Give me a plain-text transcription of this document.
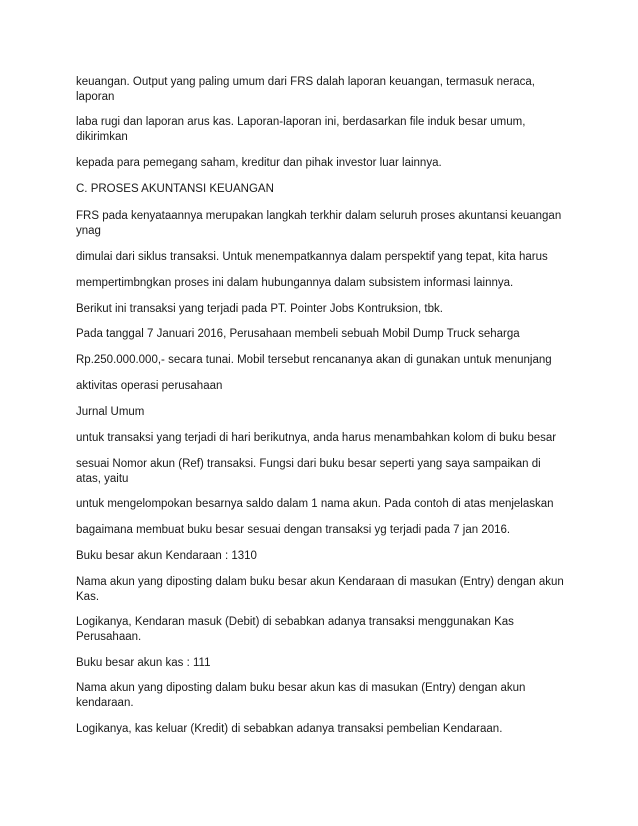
keuangan. Output yang paling umum dari FRS dalah laporan keuangan, termasuk neraca, laporan

laba rugi dan laporan arus kas. Laporan-laporan ini, berdasarkan file induk besar umum, dikirimkan

kepada para pemegang saham, kreditur dan pihak investor luar lainnya.

C. PROSES AKUNTANSI KEUANGAN

FRS pada kenyataannya merupakan langkah terkhir dalam seluruh proses akuntansi keuangan ynag

dimulai dari siklus transaksi. Untuk menempatkannya dalam perspektif yang tepat, kita harus

mempertimbngkan proses ini dalam hubungannya dalam subsistem informasi lainnya.

Berikut ini transaksi yang terjadi pada PT. Pointer Jobs Kontruksion, tbk.

Pada tanggal 7 Januari 2016, Perusahaan membeli sebuah Mobil Dump Truck seharga

Rp.250.000.000,- secara tunai. Mobil tersebut rencananya akan di gunakan untuk menunjang

aktivitas operasi perusahaan

Jurnal Umum

untuk transaksi yang terjadi di hari berikutnya, anda harus menambahkan kolom di buku besar

sesuai Nomor akun (Ref) transaksi. Fungsi dari buku besar seperti yang saya sampaikan di atas, yaitu

untuk mengelompokan besarnya saldo dalam 1 nama akun. Pada contoh di atas menjelaskan

bagaimana membuat buku besar sesuai dengan transaksi yg terjadi pada 7 jan 2016.

Buku besar akun Kendaraan : 1310

Nama akun yang diposting dalam buku besar akun Kendaraan di masukan (Entry) dengan akun Kas.

Logikanya, Kendaran masuk (Debit) di sebabkan adanya transaksi menggunakan Kas Perusahaan.

Buku besar akun kas : 111

Nama akun yang diposting dalam buku besar akun kas di masukan (Entry) dengan akun kendaraan.

Logikanya, kas keluar (Kredit) di sebabkan adanya transaksi pembelian Kendaraan.
